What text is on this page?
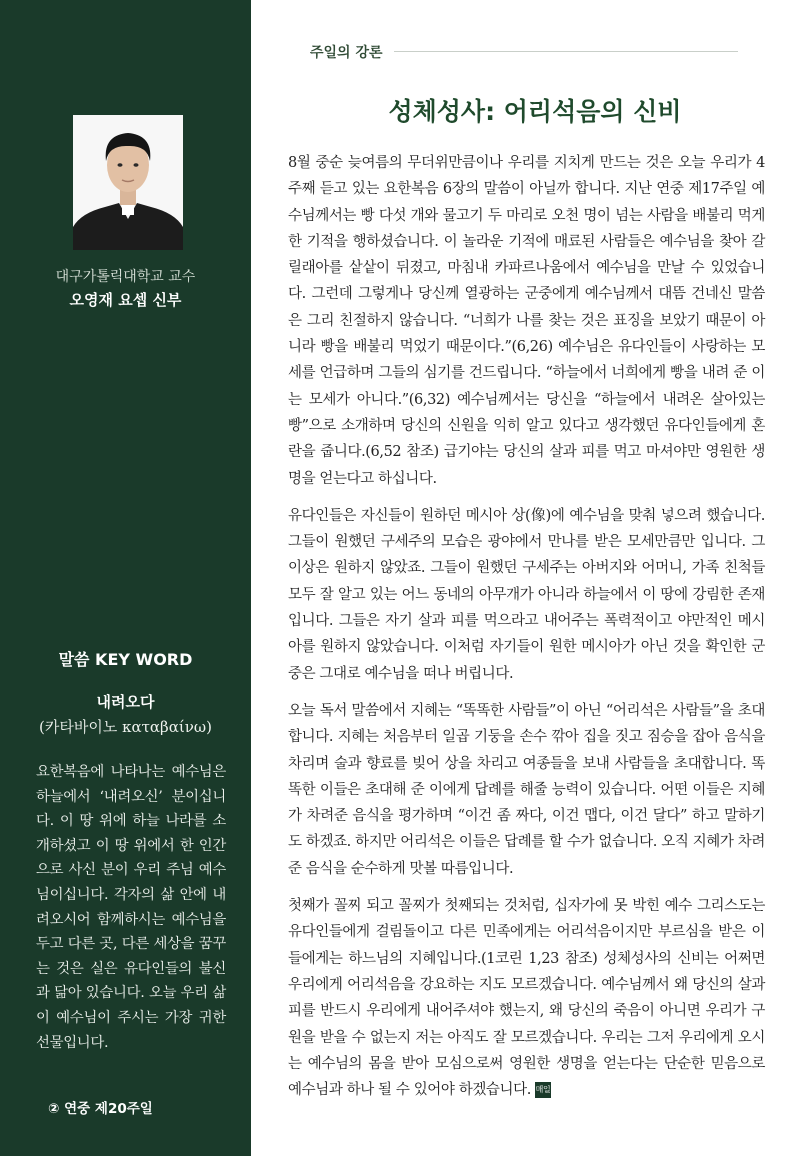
대구가톨릭대학교 교수
오영재 요셉 신부
말씀 KEY WORD
내려오다
(카타바이노 καταβαίνω)

요한복음에 나타나는 예수님은 하늘에서 ‘내려오신’ 분이십니다. 이 땅 위에 하늘 나라를 소개하셨고 이 땅 위에서 한 인간으로 사신 분이 우리 주님 예수님이십니다. 각자의 삶 안에 내려오시어 함께하시는 예수님을 두고 다른 곳, 다른 세상을 꿈꾸는 것은 실은 유다인들의 불신과 닮아 있습니다. 오늘 우리 삶이 예수님이 주시는 가장 귀한 선물입니다.

② 연중 제20주일
주일의 강론
성체성사: 어리석음의 신비

8월 중순 늦여름의 무더위만큼이나 우리를 지치게 만드는 것은 오늘 우리가 4주째 듣고 있는 요한복음 6장의 말씀이 아닐까 합니다. 지난 연중 제17주일 예수님께서는 빵 다섯 개와 물고기 두 마리로 오천 명이 넘는 사람을 배불리 먹게 한 기적을 행하셨습니다. 이 놀라운 기적에 매료된 사람들은 예수님을 찾아 갈릴래아를 샅샅이 뒤졌고, 마침내 카파르나움에서 예수님을 만날 수 있었습니다. 그런데 그렇게나 당신께 열광하는 군중에게 예수님께서 대뜸 건네신 말씀은 그리 친절하지 않습니다. “너희가 나를 찾는 것은 표징을 보았기 때문이 아니라 빵을 배불리 먹었기 때문이다.”(6,26) 예수님은 유다인들이 사랑하는 모세를 언급하며 그들의 심기를 건드립니다. “하늘에서 너희에게 빵을 내려 준 이는 모세가 아니다.”(6,32) 예수님께서는 당신을 “하늘에서 내려온 살아있는 빵”으로 소개하며 당신의 신원을 익히 알고 있다고 생각했던 유다인들에게 혼란을 줍니다.(6,52 참조) 급기야는 당신의 살과 피를 먹고 마셔야만 영원한 생명을 얻는다고 하십니다.

유다인들은 자신들이 원하던 메시아 상(像)에 예수님을 맞춰 넣으려 했습니다. 그들이 원했던 구세주의 모습은 광야에서 만나를 받은 모세만큼만 입니다. 그 이상은 원하지 않았죠. 그들이 원했던 구세주는 아버지와 어머니, 가족 친척들 모두 잘 알고 있는 어느 동네의 아무개가 아니라 하늘에서 이 땅에 강림한 존재입니다. 그들은 자기 살과 피를 먹으라고 내어주는 폭력적이고 야만적인 메시아를 원하지 않았습니다. 이처럼 자기들이 원한 메시아가 아닌 것을 확인한 군중은 그대로 예수님을 떠나 버립니다.

오늘 독서 말씀에서 지혜는 “똑똑한 사람들”이 아닌 “어리석은 사람들”을 초대합니다. 지혜는 처음부터 일곱 기둥을 손수 깎아 집을 짓고 짐승을 잡아 음식을 차리며 술과 향료를 빚어 상을 차리고 여종들을 보내 사람들을 초대합니다. 똑똑한 이들은 초대해 준 이에게 답례를 해줄 능력이 있습니다. 어떤 이들은 지혜가 차려준 음식을 평가하며 “이건 좀 짜다, 이건 맵다, 이건 달다” 하고 말하기도 하겠죠. 하지만 어리석은 이들은 답례를 할 수가 없습니다. 오직 지혜가 차려준 음식을 순수하게 맛볼 따름입니다.

첫째가 꼴찌 되고 꼴찌가 첫째되는 것처럼, 십자가에 못 박힌 예수 그리스도는 유다인들에게 걸림돌이고 다른 민족에게는 어리석음이지만 부르심을 받은 이들에게는 하느님의 지혜입니다.(1코린 1,23 참조) 성체성사의 신비는 어쩌면 우리에게 어리석음을 강요하는 지도 모르겠습니다. 예수님께서 왜 당신의 살과 피를 반드시 우리에게 내어주셔야 했는지, 왜 당신의 죽음이 아니면 우리가 구원을 받을 수 없는지 저는 아직도 잘 모르겠습니다. 우리는 그저 우리에게 오시는 예수님의 몸을 받아 모심으로써 영원한 생명을 얻는다는 단순한 믿음으로 예수님과 하나 될 수 있어야 하겠습니다. 매일 미사
